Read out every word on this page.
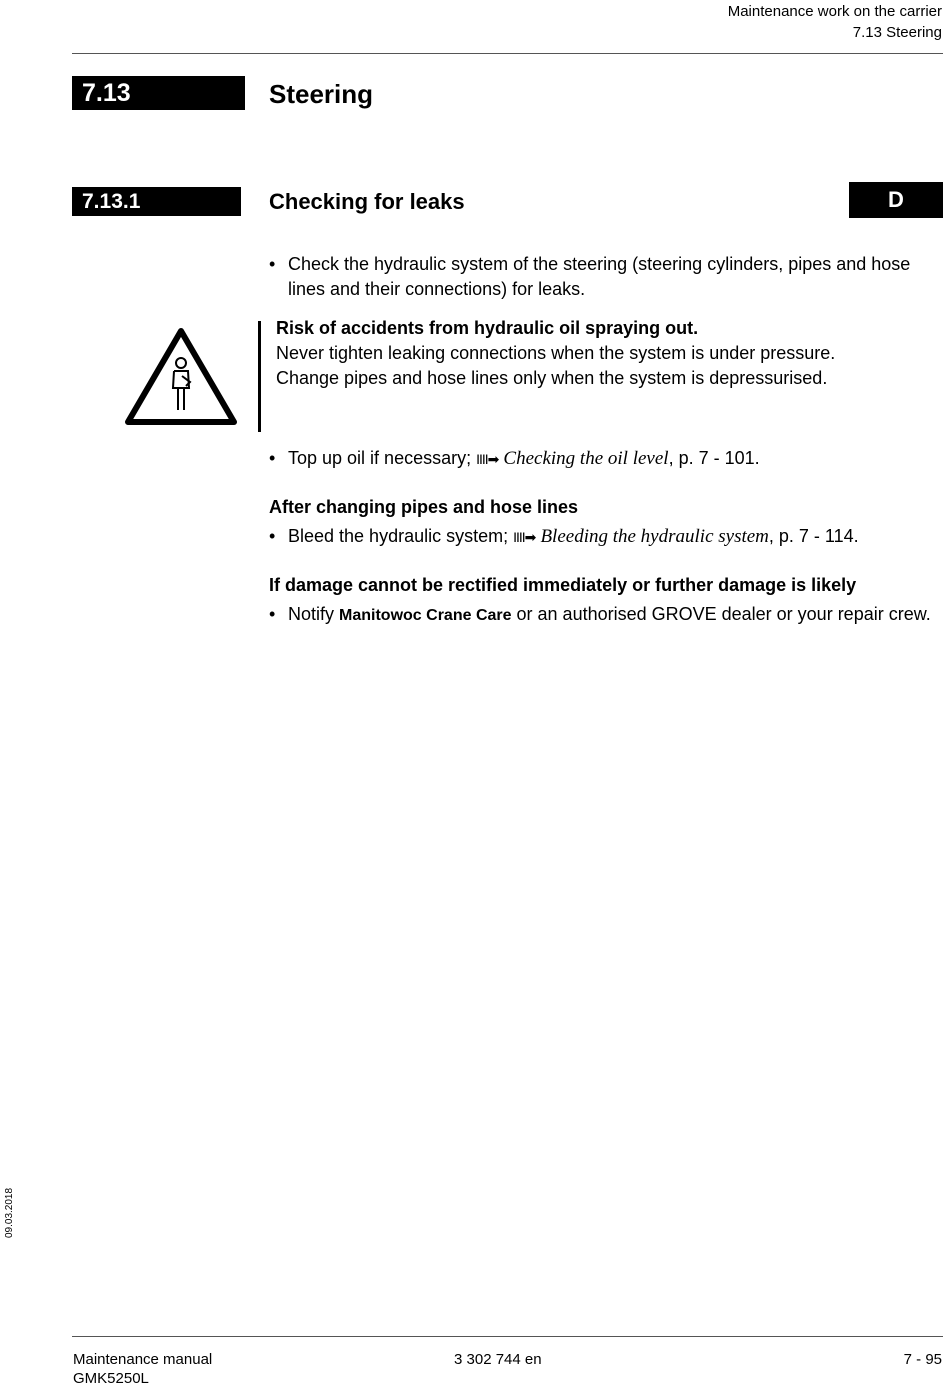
Maintenance work on the carrier
7.13 Steering
7.13	Steering
7.13.1	Checking for leaks	D
• Check the hydraulic system of the steering (steering cylinders, pipes and hose lines and their connections) for leaks.
Risk of accidents from hydraulic oil spraying out.
Never tighten leaking connections when the system is under pressure.
Change pipes and hose lines only when the system is depressurised.
• Top up oil if necessary; IIII➡ Checking the oil level, p. 7 - 101.
After changing pipes and hose lines
• Bleed the hydraulic system; IIII➡ Bleeding the hydraulic system, p. 7 - 114.
If damage cannot be rectified immediately or further damage is likely
• Notify Manitowoc Crane Care or an authorised GROVE dealer or your repair crew.
09.03.2018
Maintenance manual
GMK5250L
3 302 744 en	7 - 95
